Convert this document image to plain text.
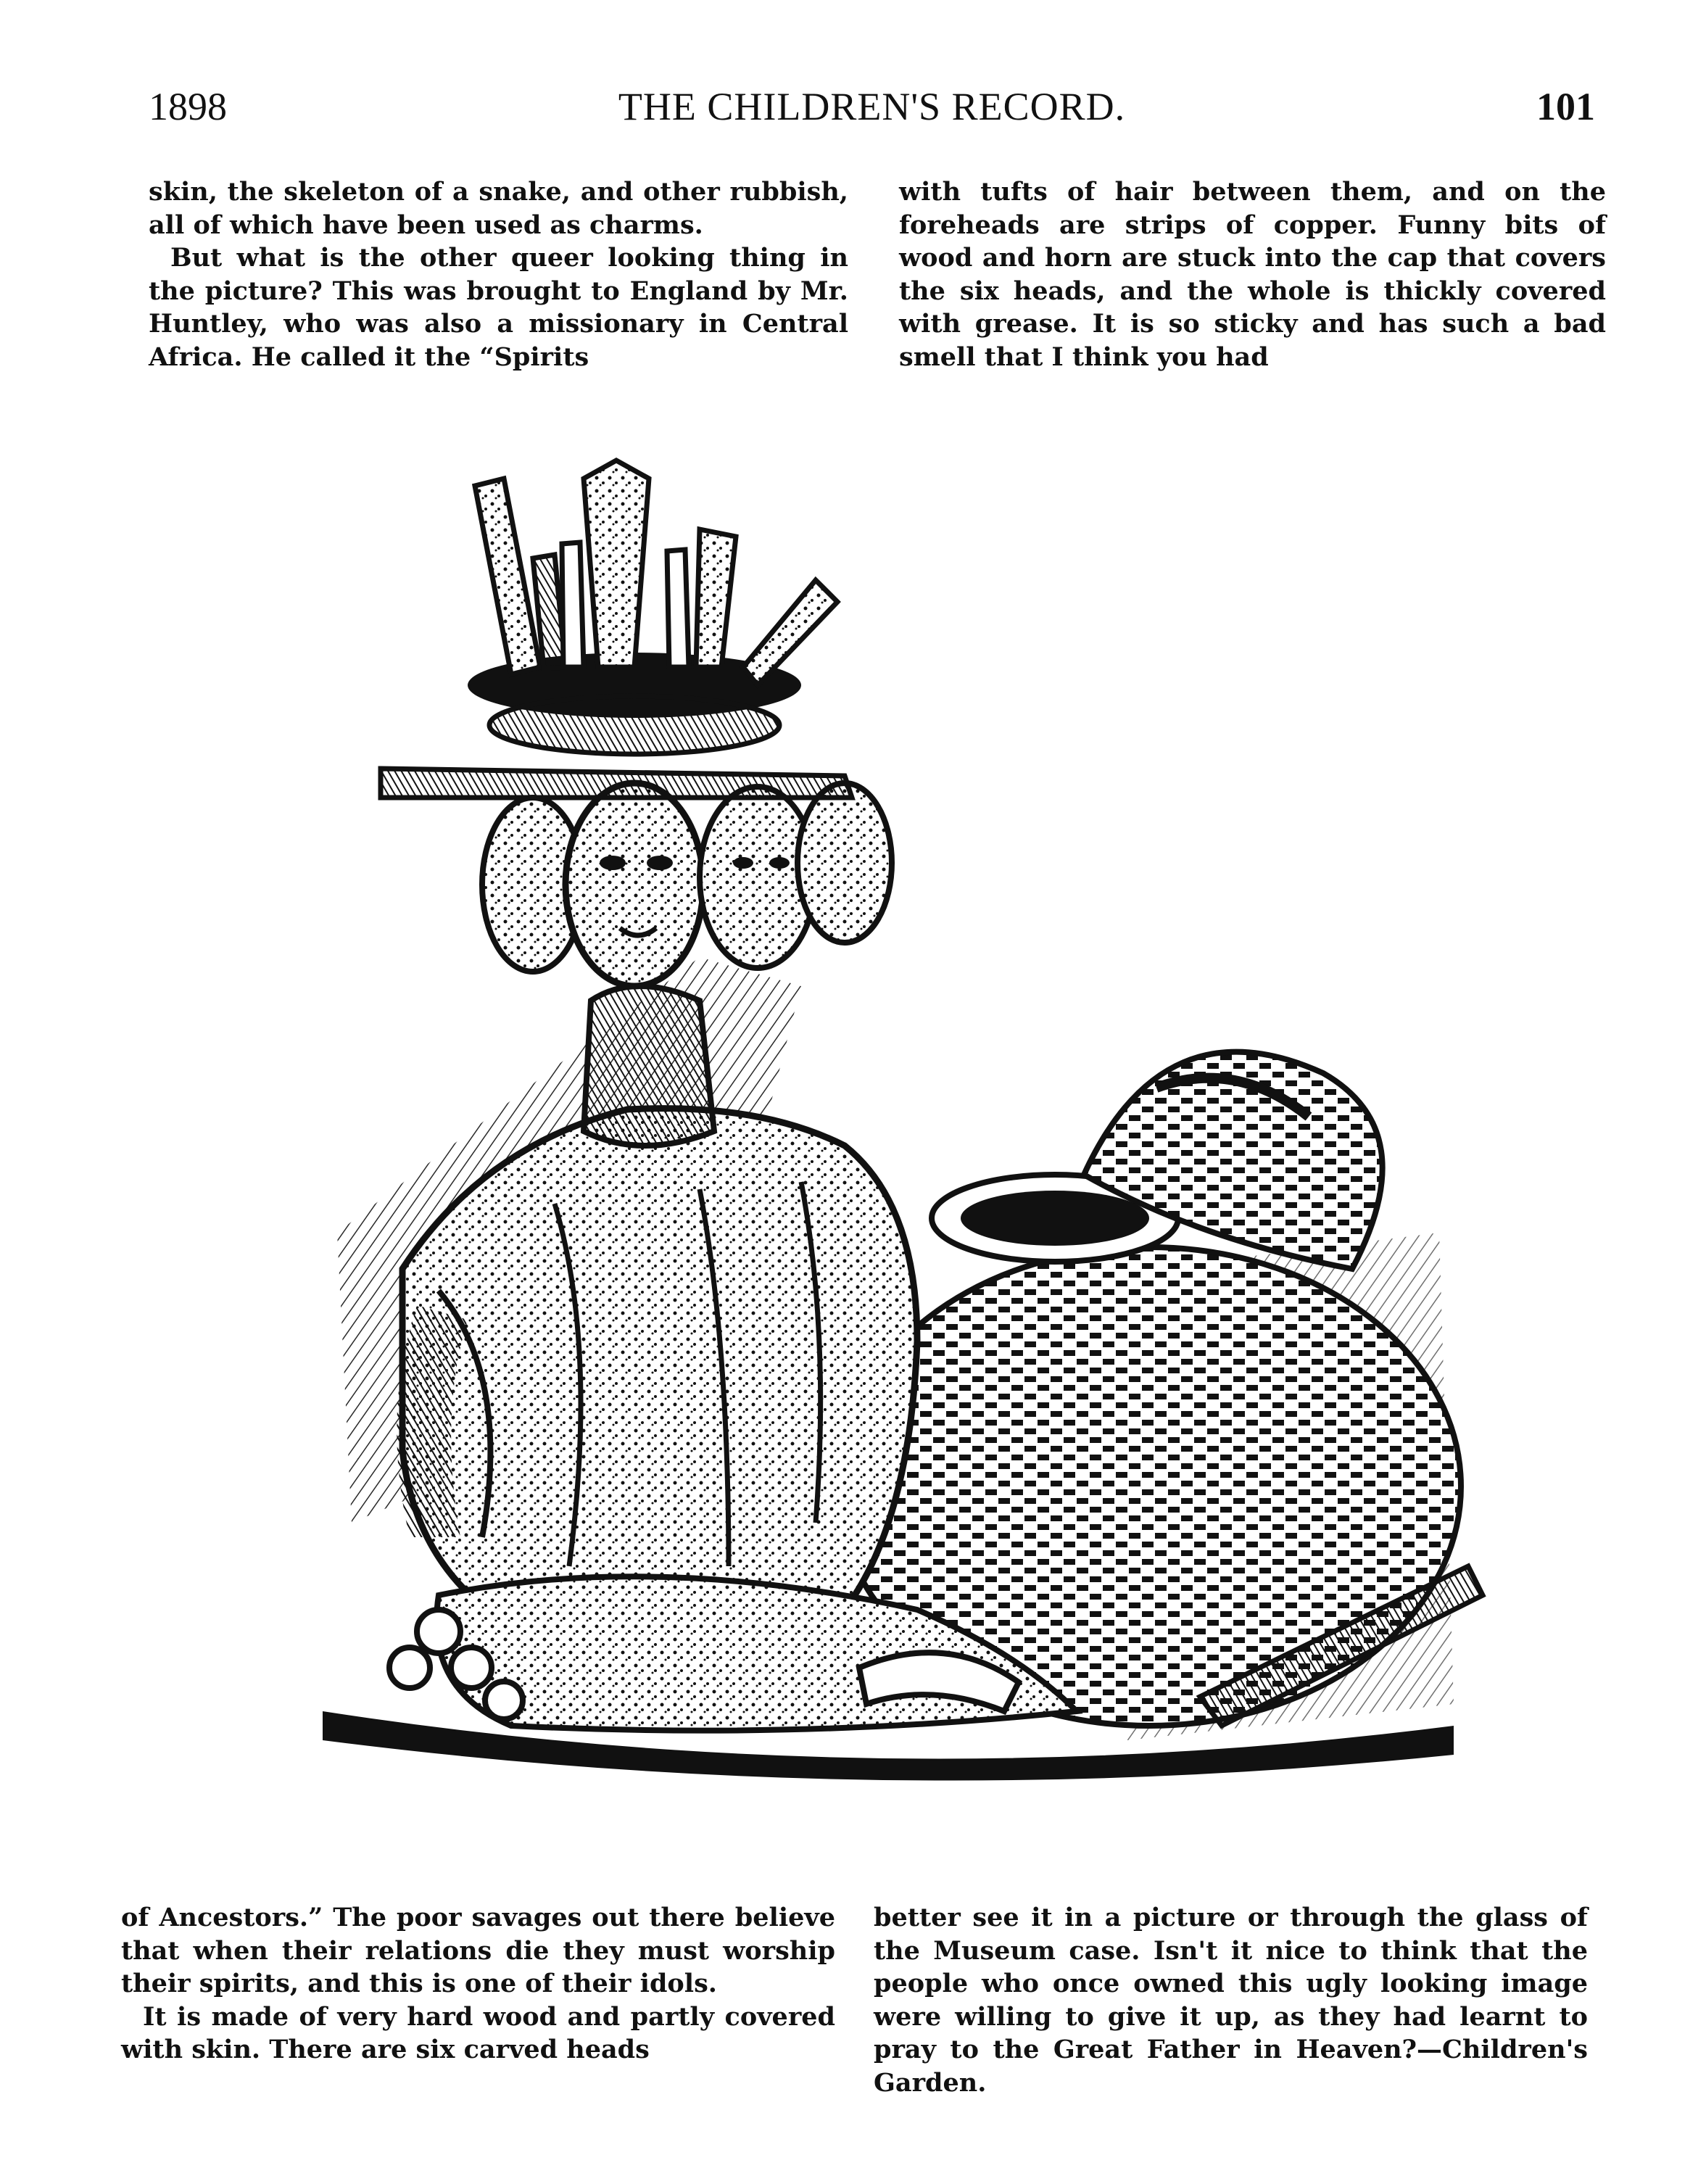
1898	THE CHILDREN'S RECORD.	101

skin, the skeleton of a snake, and other rubbish, all of which have been used as charms.

But what is the other queer looking thing in the picture? This was brought to England by Mr. Huntley, who was also a missionary in Central Africa. He called it the “Spirits

with tufts of hair between them, and on the foreheads are strips of copper. Funny bits of wood and horn are stuck into the cap that covers the six heads, and the whole is thickly covered with grease. It is so sticky and has such a bad smell that I think you had

of Ancestors.” The poor savages out there believe that when their relations die they must worship their spirits, and this is one of their idols.

It is made of very hard wood and partly covered with skin. There are six carved heads

better see it in a picture or through the glass of the Museum case. Isn't it nice to think that the people who once owned this ugly looking image were willing to give it up, as they had learnt to pray to the Great Father in Heaven?—Children's Garden.
